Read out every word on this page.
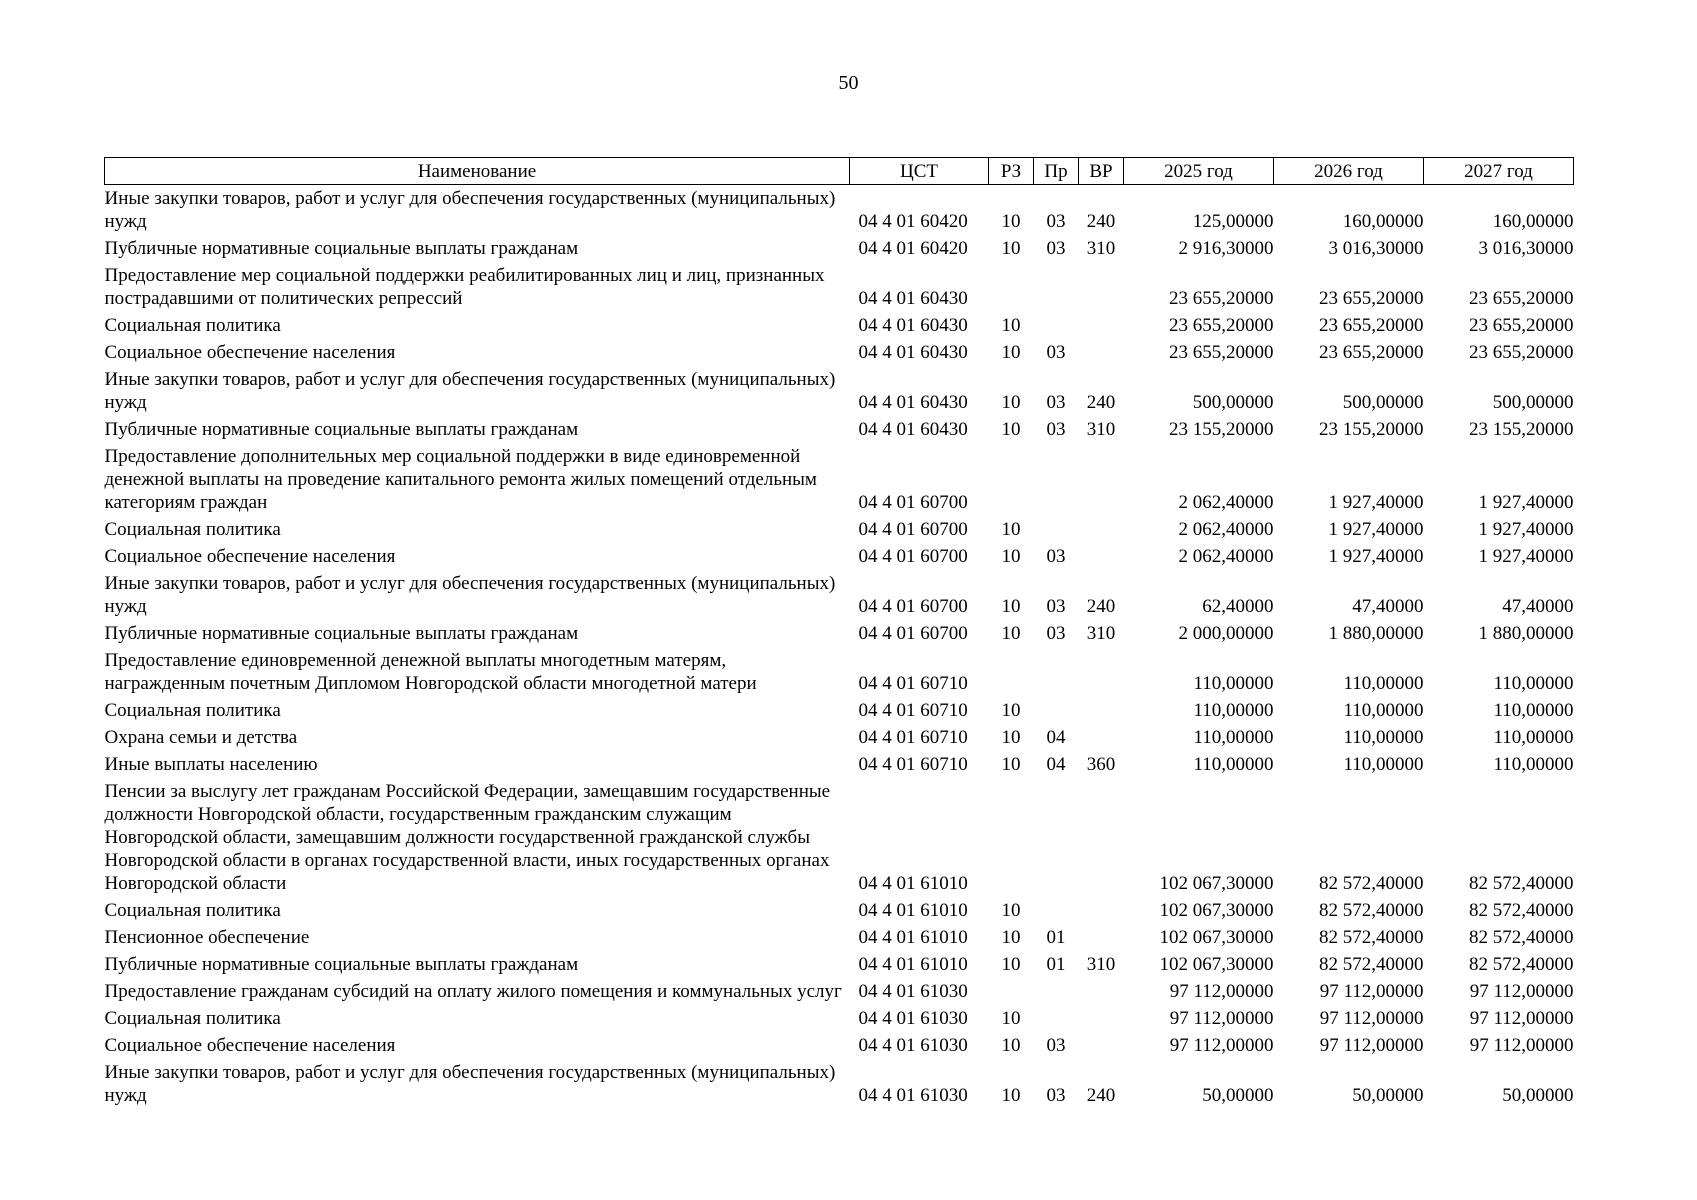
50
Наименование	ЦСТ	РЗ	Пр	ВР	2025 год	2026 год	2027 год
Иные закупки товаров, работ и услуг для обеспечения государственных (муниципальных) нужд	04 4 01 60420	10	03	240	125,00000	160,00000	160,00000
Публичные нормативные социальные выплаты гражданам	04 4 01 60420	10	03	310	2 916,30000	3 016,30000	3 016,30000
Предоставление мер социальной поддержки реабилитированных лиц и лиц, признанных пострадавшими от политических репрессий	04 4 01 60430				23 655,20000	23 655,20000	23 655,20000
Социальная политика	04 4 01 60430	10			23 655,20000	23 655,20000	23 655,20000
Социальное обеспечение населения	04 4 01 60430	10	03		23 655,20000	23 655,20000	23 655,20000
Иные закупки товаров, работ и услуг для обеспечения государственных (муниципальных) нужд	04 4 01 60430	10	03	240	500,00000	500,00000	500,00000
Публичные нормативные социальные выплаты гражданам	04 4 01 60430	10	03	310	23 155,20000	23 155,20000	23 155,20000
Предоставление дополнительных мер социальной поддержки в виде единовременной денежной выплаты на проведение капитального ремонта жилых помещений отдельным категориям граждан	04 4 01 60700				2 062,40000	1 927,40000	1 927,40000
Социальная политика	04 4 01 60700	10			2 062,40000	1 927,40000	1 927,40000
Социальное обеспечение населения	04 4 01 60700	10	03		2 062,40000	1 927,40000	1 927,40000
Иные закупки товаров, работ и услуг для обеспечения государственных (муниципальных) нужд	04 4 01 60700	10	03	240	62,40000	47,40000	47,40000
Публичные нормативные социальные выплаты гражданам	04 4 01 60700	10	03	310	2 000,00000	1 880,00000	1 880,00000
Предоставление единовременной денежной выплаты многодетным матерям, награжденным почетным Дипломом Новгородской области многодетной матери	04 4 01 60710				110,00000	110,00000	110,00000
Социальная политика	04 4 01 60710	10			110,00000	110,00000	110,00000
Охрана семьи и детства	04 4 01 60710	10	04		110,00000	110,00000	110,00000
Иные выплаты населению	04 4 01 60710	10	04	360	110,00000	110,00000	110,00000
Пенсии за выслугу лет гражданам Российской Федерации, замещавшим государственные должности Новгородской области, государственным гражданским служащим Новгородской области, замещавшим должности государственной гражданской службы Новгородской области в органах государственной власти, иных государственных органах Новгородской области	04 4 01 61010				102 067,30000	82 572,40000	82 572,40000
Социальная политика	04 4 01 61010	10			102 067,30000	82 572,40000	82 572,40000
Пенсионное обеспечение	04 4 01 61010	10	01		102 067,30000	82 572,40000	82 572,40000
Публичные нормативные социальные выплаты гражданам	04 4 01 61010	10	01	310	102 067,30000	82 572,40000	82 572,40000
Предоставление гражданам субсидий на оплату жилого помещения и коммунальных услуг	04 4 01 61030				97 112,00000	97 112,00000	97 112,00000
Социальная политика	04 4 01 61030	10			97 112,00000	97 112,00000	97 112,00000
Социальное обеспечение населения	04 4 01 61030	10	03		97 112,00000	97 112,00000	97 112,00000
Иные закупки товаров, работ и услуг для обеспечения государственных (муниципальных) нужд	04 4 01 61030	10	03	240	50,00000	50,00000	50,00000
